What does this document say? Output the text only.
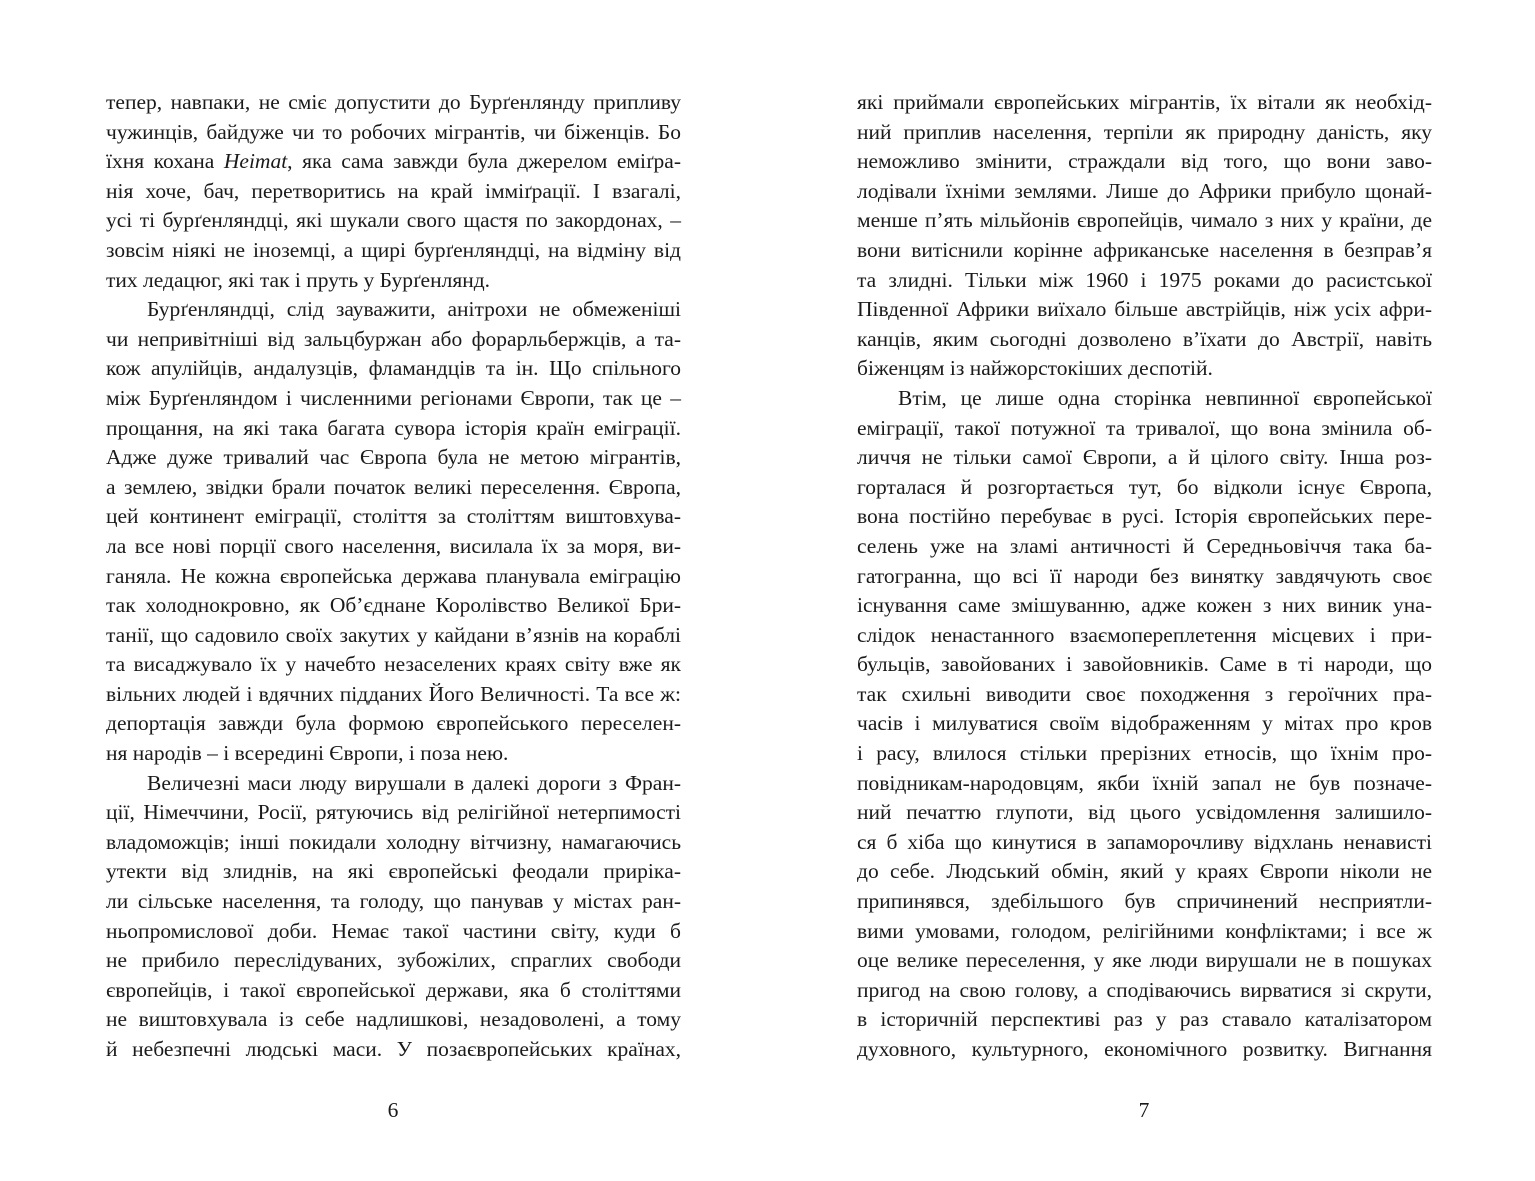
тепер, навпаки, не сміє допустити до Бурґенлянду припливу
чужинців, байдуже чи то робочих мігрантів, чи біженців. Бо
їхня кохана Heimat, яка сама завжди була джерелом еміґра-
нія хоче, бач, перетворитись на край імміґрації. І взагалі,
усі ті бурґенляндці, які шукали свого щастя по закордонах, –
зовсім ніякі не іноземці, а щирі бурґенляндці, на відміну від
тих ледацюг, які так і пруть у Бурґенлянд.
Бурґенляндці, слід зауважити, анітрохи не обмеженіші
чи непривітніші від зальцбуржан або форарльбержців, а та-
кож апулійців, андалузців, фламандців та ін. Що спільного
між Бурґенляндом і численними регіонами Європи, так це –
прощання, на які така багата сувора історія країн еміграції.
Адже дуже тривалий час Європа була не метою мігрантів,
а землею, звідки брали початок великі переселення. Європа,
цей континент еміграції, століття за століттям виштовхува-
ла все нові порції свого населення, висилала їх за моря, ви-
ганяла. Не кожна європейська держава планувала еміграцію
так холоднокровно, як Об’єднане Королівство Великої Бри-
танії, що садовило своїх закутих у кайдани в’язнів на кораблі
та висаджувало їх у начебто незаселених краях світу вже як
вільних людей і вдячних підданих Його Величності. Та все ж:
депортація завжди була формою європейського переселен-
ня народів – і всередині Європи, і поза нею.
Величезні маси люду вирушали в далекі дороги з Фран-
ції, Німеччини, Росії, рятуючись від релігійної нетерпимості
владоможців; інші покидали холодну вітчизну, намагаючись
утекти від злиднів, на які європейські феодали прирікa-
ли сільське населення, та голоду, що панував у містах ран-
ньопромислової доби. Немає такої частини світу, куди б
не прибило переслідуваних, зубожілих, спраглих свободи
європейців, і такої європейської держави, яка б століттями
не виштовхувала із себе надлишкові, незадоволені, а тому
й небезпечні людські маси. У позаєвропейських країнах,
6
які приймали європейських мігрантів, їх вітали як необхід-
ний приплив населення, терпіли як природну даність, яку
неможливо змінити, страждали від того, що вони заво-
лодівали їхніми землями. Лише до Африки прибуло щонай-
менше п’ять мільйонів європейців, чимало з них у країни, де
вони витіснили корінне африканське населення в безправ’я
та злидні. Тільки між 1960 і 1975 роками до расистської
Південної Африки виїхало більше австрійців, ніж усіх афри-
канців, яким сьогодні дозволено в’їхати до Австрії, навіть
біженцям із найжорстокіших деспотій.
Втім, це лише одна сторінка невпинної європейської
еміграції, такої потужної та тривалої, що вона змінила об-
личчя не тільки самої Європи, а й цілого світу. Інша роз-
горталася й розгортається тут, бо відколи існує Європа,
вона постійно перебуває в русі. Історія європейських пере-
селень уже на зламі античності й Середньовіччя така ба-
гатогранна, що всі її народи без винятку завдячують своє
існування саме змішуванню, адже кожен з них виник уна-
слідок ненастанного взаємопереплетення місцевих і при-
бульців, завойованих і завойовників. Саме в ті народи, що
так схильні виводити своє походження з героїчних пра-
часів і милуватися своїм відображенням у мітах про кров
і расу, влилося стільки прерізних етносів, що їхнім про-
повідникам-народовцям, якби їхній запал не був позначе-
ний печаттю глупоти, від цього усвідомлення залишило-
ся б хіба що кинутися в запаморочливу відхлань ненависті
до себе. Людський обмін, який у краях Європи ніколи не
припинявся, здебільшого був спричинений несприятли-
вими умовами, голодом, релігійними конфліктами; і все ж
оце велике переселення, у яке люди вирушали не в пошуках
пригод на свою голову, а сподіваючись вирватися зі скрути,
в історичній перспективі раз у раз ставало каталізатором
духовного, культурного, економічного розвитку. Вигнання
7
